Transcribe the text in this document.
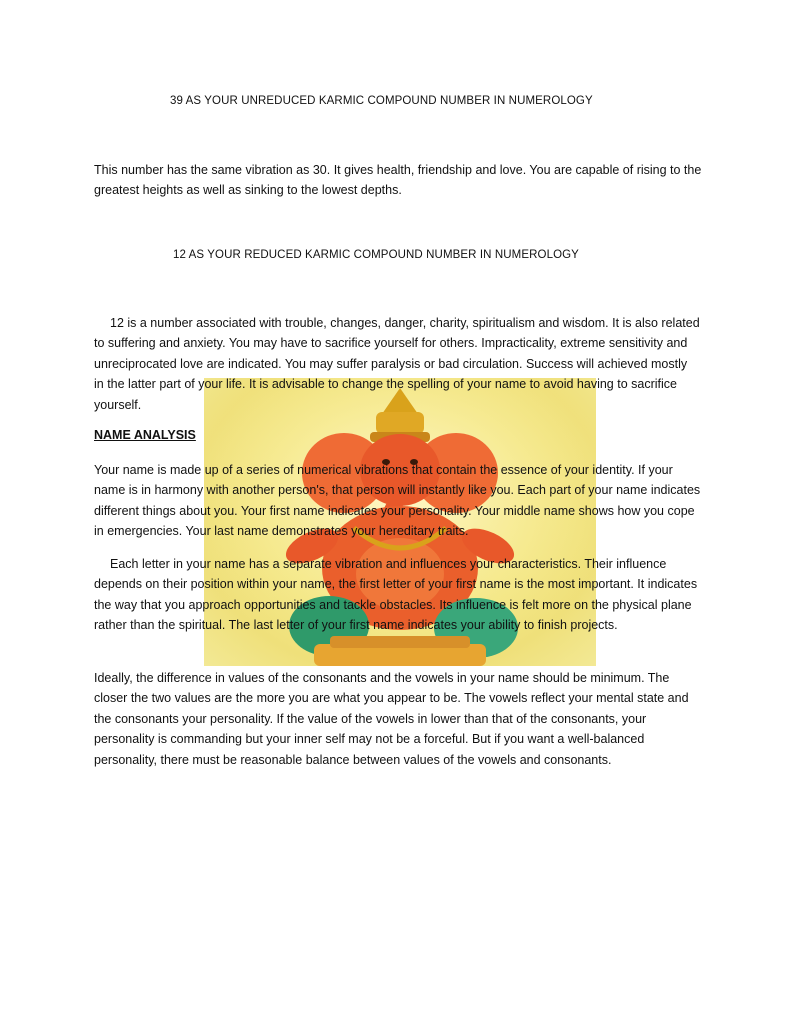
39 AS YOUR UNREDUCED KARMIC COMPOUND NUMBER IN NUMEROLOGY
This number has the same vibration as 30. It gives health, friendship and love. You are capable of rising to the greatest heights as well as sinking to the lowest depths.
12 AS YOUR REDUCED KARMIC COMPOUND NUMBER IN NUMEROLOGY
12 is a number associated with trouble, changes, danger, charity, spiritualism and wisdom. It is also related to suffering and anxiety. You may have to sacrifice yourself for others. Impracticality, extreme sensitivity and unreciprocated love are indicated. You may suffer paralysis or bad circulation. Success will achieved mostly in the latter part of your life. It is advisable to change the spelling of your name to avoid having to sacrifice yourself.
NAME ANALYSIS
Your name is made up of a series of numerical vibrations that contain the essence of your identity. If your name is in harmony with another person's, that person will instantly like you. Each part of your name indicates different things about you. Your first name indicates your personality. Your middle name shows how you cope in emergencies. Your last name demonstrates your hereditary traits.
Each letter in your name has a separate vibration and influences your characteristics. Their influence depends on their position within your name, the first letter of your first name is the most important. It indicates the way that you approach opportunities and tackle obstacles. Its influence is felt more on the physical plane rather than the spiritual. The last letter of your first name indicates your ability to finish projects.
Ideally, the difference in values of the consonants and the vowels in your name should be minimum. The closer the two values are the more you are what you appear to be. The vowels reflect your mental state and the consonants your personality. If the value of the vowels in lower than that of the consonants, your personality is commanding but your inner self may not be a forceful. But if you want a well-balanced personality, there must be reasonable balance between values of the vowels and consonants.
